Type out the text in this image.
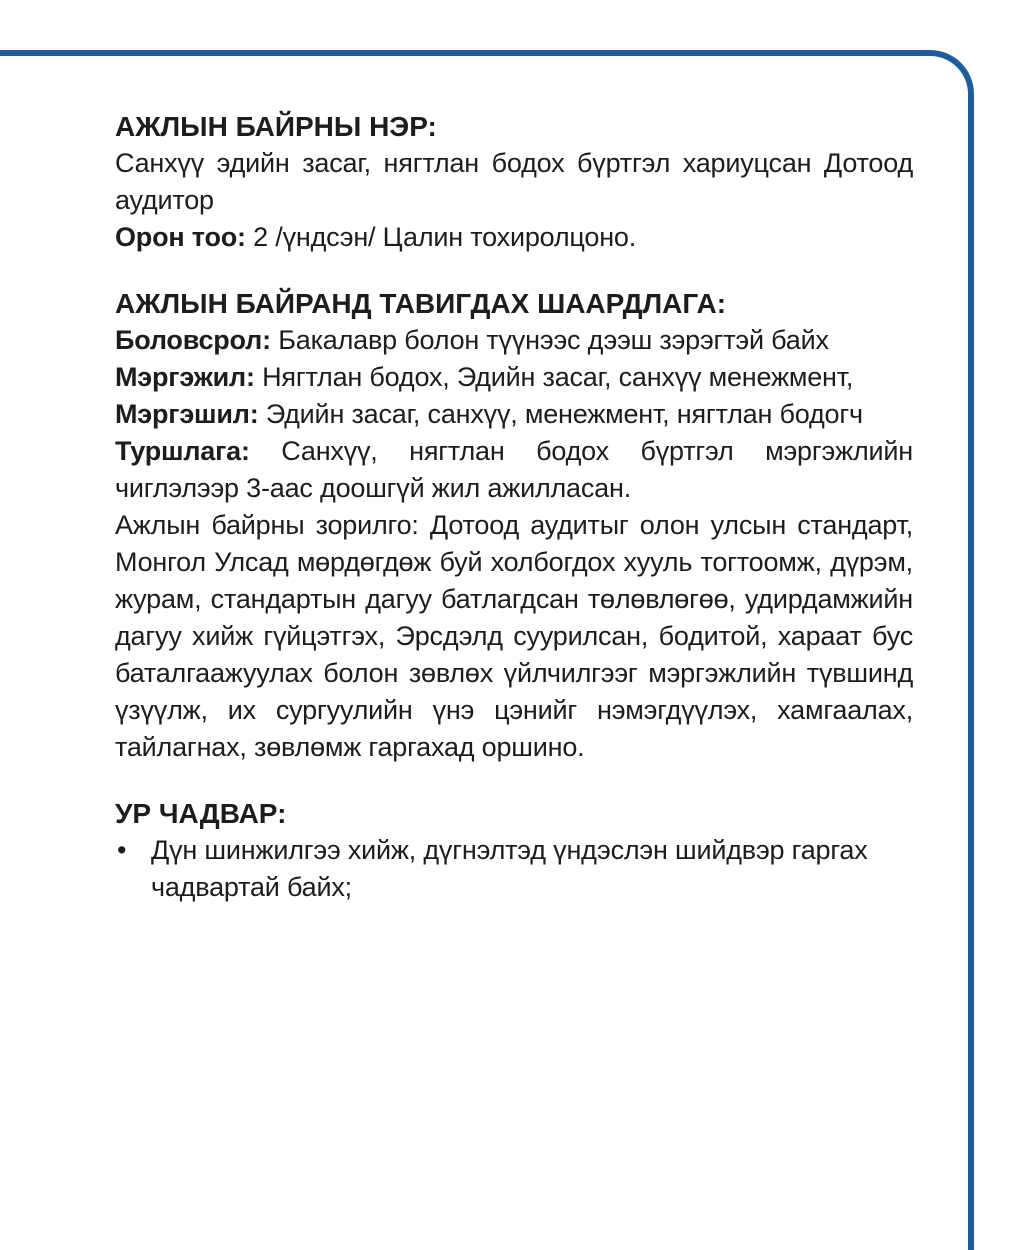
АЖЛЫН БАЙРНЫ НЭР:

Санхүү эдийн засаг, нягтлан бодох бүртгэл хариуцсан Дотоод аудитор

Орон тоо: 2 /үндсэн/ Цалин тохиролцоно.

АЖЛЫН БАЙРАНД ТАВИГДАХ ШААРДЛАГА:

Боловсрол: Бакалавр болон түүнээс дээш зэрэгтэй байх

Мэргэжил: Нягтлан бодох, Эдийн засаг, санхүү менежмент,

Мэргэшил: Эдийн засаг, санхүү, менежмент, нягтлан бодогч

Туршлага: Санхүү, нягтлан бодох бүртгэл мэргэжлийн чиглэлээр 3-аас доошгүй жил ажилласан.

Ажлын байрны зорилго: Дотоод аудитыг олон улсын стандарт, Монгол Улсад мөрдөгдөж буй холбогдох хууль тогтоомж, дүрэм, журам, стандартын дагуу батлагдсан төлөвлөгөө, удирдамжийн дагуу хийж гүйцэтгэх, Эрсдэлд суурилсан, бодитой, хараат бус баталгаажуулах болон зөвлөх үйлчилгээг мэргэжлийн түвшинд үзүүлж, их сургуулийн үнэ цэнийг нэмэгдүүлэх, хамгаалах, тайлагнах, зөвлөмж гаргахад оршино.

УР ЧАДВАР:
• Дүн шинжилгээ хийж, дүгнэлтэд үндэслэн шийдвэр гаргах чадвартай байх;
